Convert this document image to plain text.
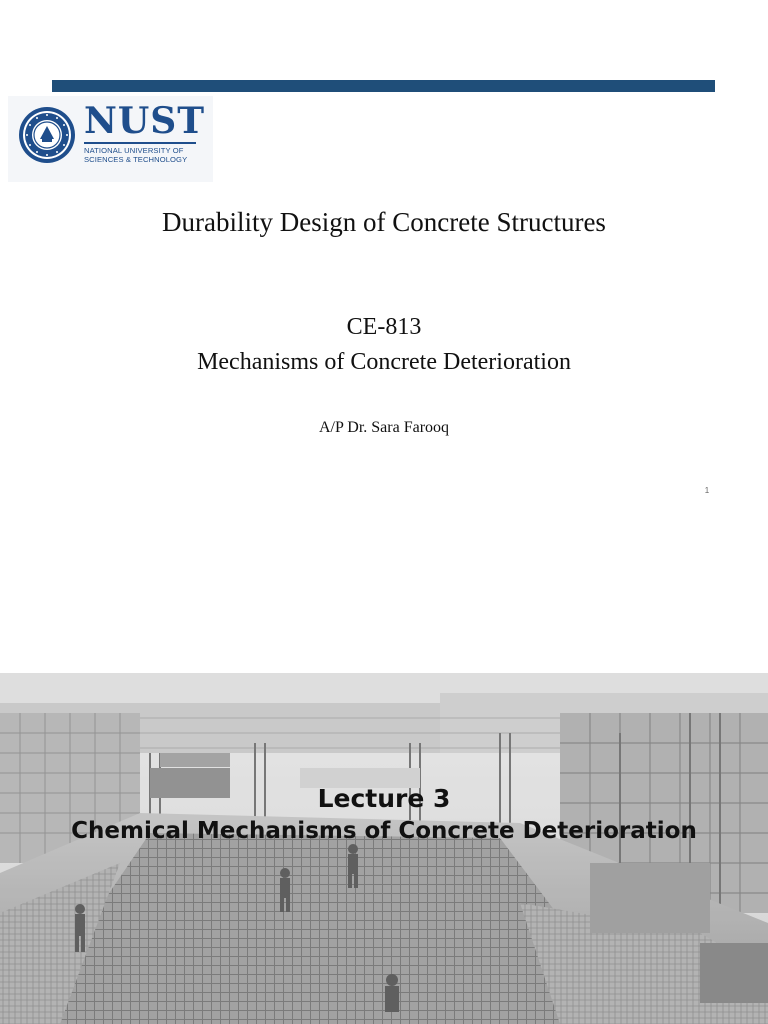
NUST
NATIONAL UNIVERSITY OF
SCIENCES & TECHNOLOGY
Durability Design of Concrete Structures
CE-813
Mechanisms of Concrete Deterioration
A/P Dr. Sara Farooq
1
Lecture 3
Chemical Mechanisms of Concrete Deterioration
